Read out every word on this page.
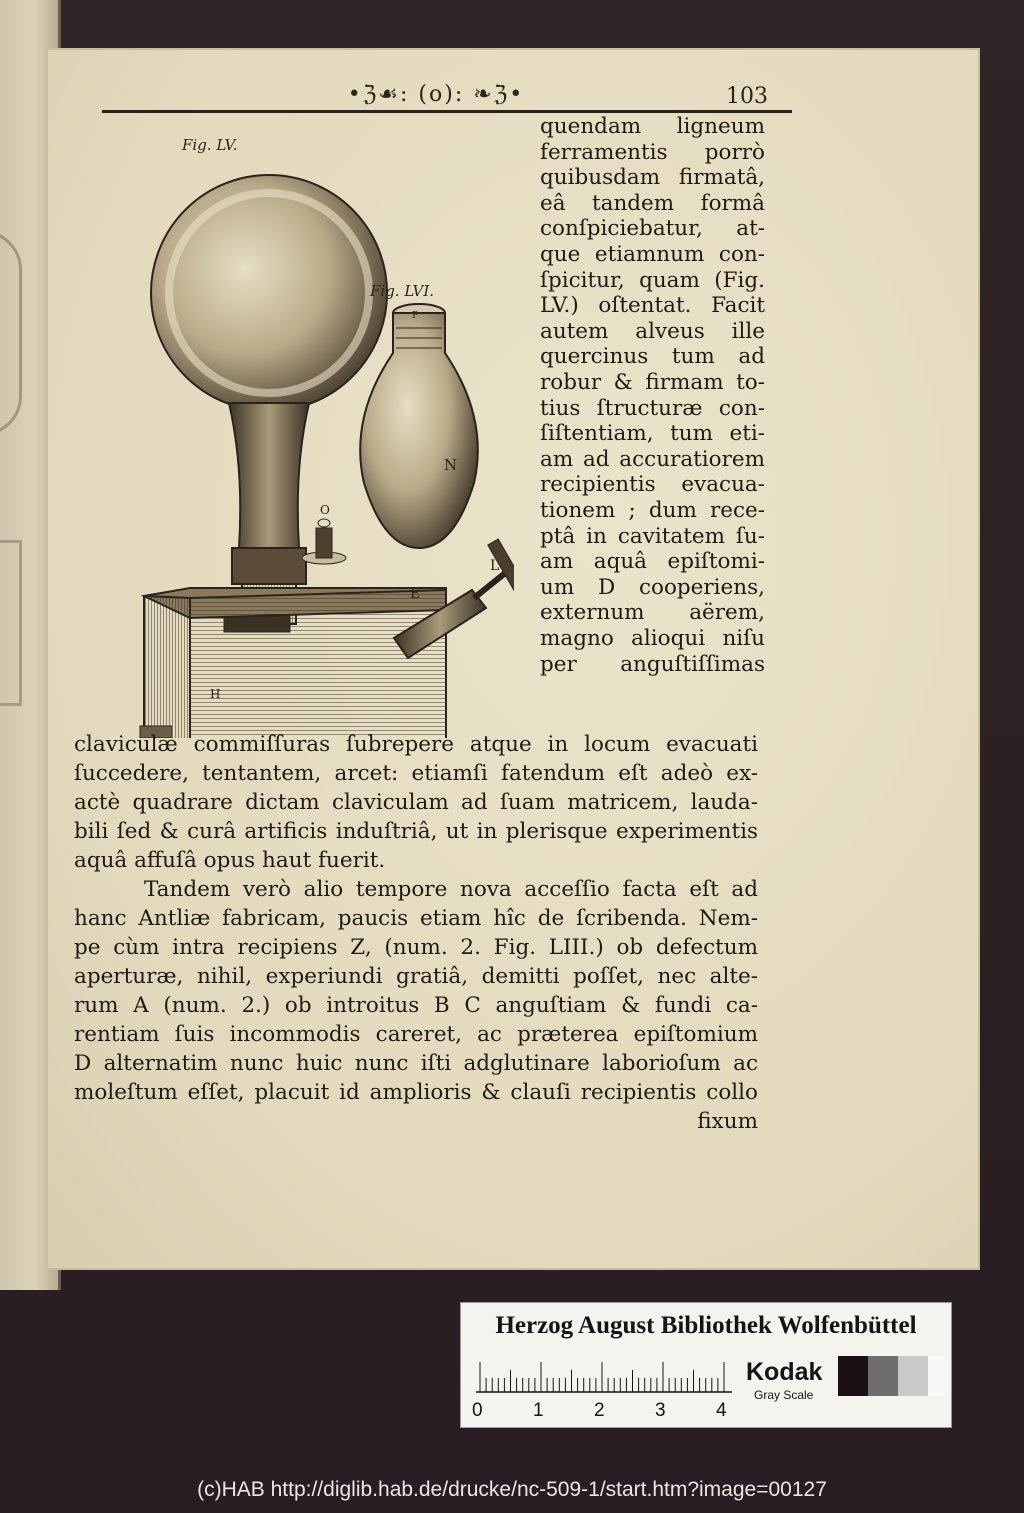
•ℨ☙: (o): ❧ℨ•	103
N
P
L
E
H
O
Fig. LV.
Fig. LVI.
quendam ligneum
ferramentis porrò
quibusdam firmatâ,
eâ tandem formâ
conſpiciebatur, at-
que etiamnum con-
ſpicitur, quam (Fig.
LV.) oſtentat. Facit
autem alveus ille
quercinus tum ad
robur & firmam to-
tius ſtructuræ con-
ſiſtentiam, tum eti-
am ad accuratiorem
recipientis evacua-
tionem ; dum rece-
ptâ in cavitatem ſu-
am aquâ epiſtomi-
um D cooperiens,
externum aërem,
magno alioqui niſu
per anguſtiſſimas
claviculæ commiſſuras ſubrepere atque in locum evacuati
ſuccedere, tentantem, arcet: etiamſi fatendum eſt adeò ex-
actè quadrare dictam claviculam ad ſuam matricem, lauda-
bili ſed & curâ artificis induſtriâ, ut in plerisque experimentis
aquâ affuſâ opus haut fuerit.
Tandem verò alio tempore nova acceſſio facta eſt ad
hanc Antliæ fabricam, paucis etiam hîc de ſcribenda. Nem-
pe cùm intra recipiens Z, (num. 2. Fig. LIII.) ob defectum
aperturæ, nihil, experiundi gratiâ, demitti poſſet, nec alte-
rum A (num. 2.) ob introitus B C anguſtiam & fundi ca-
rentiam ſuis incommodis careret, ac præterea epiſtomium
D alternatim nunc huic nunc iſti adglutinare laborioſum ac
moleſtum eſſet, placuit id amplioris & clauſi recipientis collo
fixum
Herzog August Bibliothek Wolfenbüttel
0	1	2	3	4
Kodak
Gray Scale
(c)HAB http://diglib.hab.de/drucke/nc-509-1/start.htm?image=00127
